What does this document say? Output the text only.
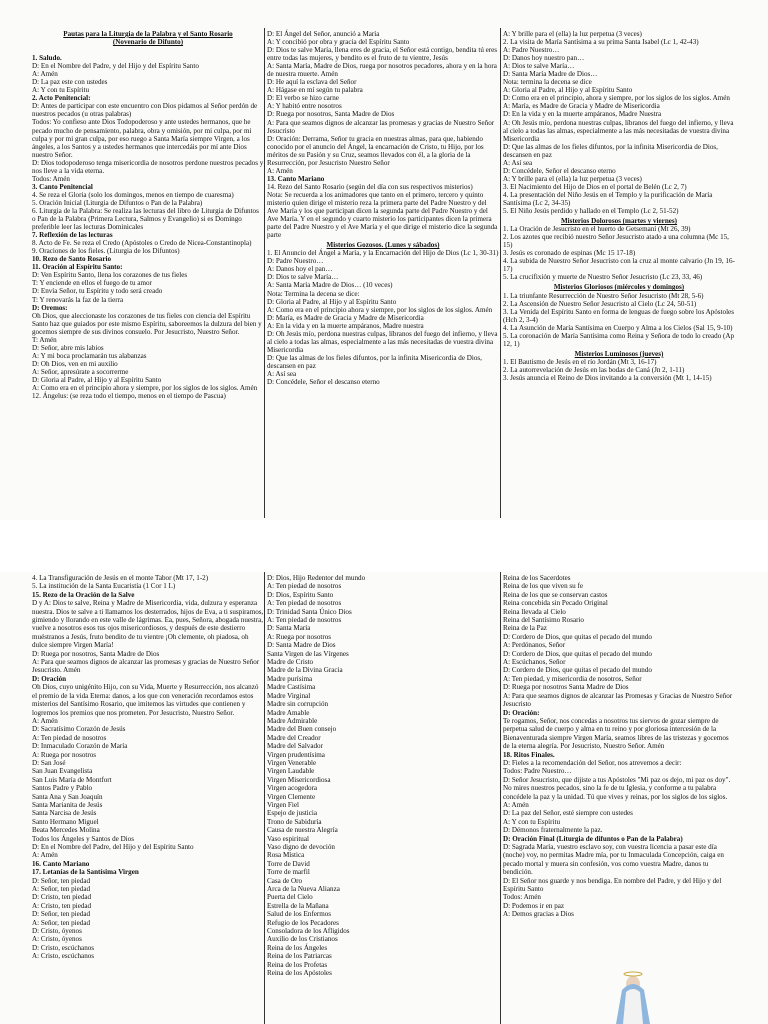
Pautas para la Liturgia de la Palabra y el Santo Rosario
(Novenario de Difunto)
1. Saludo.
D: En el Nombre del Padre, y del Hijo y del Espíritu Santo
A: Amén
D: La paz este con ustedes
A: Y con tu Espíritu
2. Acto Penitencial:
D: Antes de participar con este encuentro con Dios pidamos al Señor perdón de nuestros pecados (u otras palabras)
Todos: Yo confieso ante Dios Todopoderoso y ante ustedes hermanos, que he pecado mucho de pensamiento, palabra, obra y omisión, por mi culpa, por mi culpa y por mi gran culpa, por eso ruego a Santa María siempre Virgen, a los ángeles, a los Santos y a ustedes hermanos que intercedáis por mí ante Dios nuestro Señor.
D: Dios todopoderoso tenga misericordia de nosotros perdone nuestros pecados y nos lleve a la vida eterna.
Todos: Amén
3. Canto Penitencial
4. Se reza el Gloria (solo los domingos, menos en tiempo de cuaresma)
5. Oración Inicial (Liturgia de Difuntos o Pan de la Palabra)
6. Liturgia de la Palabra: Se realiza las lecturas del libro de Liturgia de Difuntos o Pan de la Palabra (Primera Lectura, Salmos y Evangelio) si es Domingo preferible leer las lecturas Dominicales
7. Reflexión de las lecturas
8. Acto de Fe. Se reza el Credo (Apóstoles o Credo de Nicea-Constantinopla)
9. Oraciones de los fieles. (Liturgia de los Difuntos)
10. Rezo de Santo Rosario
11. Oración al Espíritu Santo:
D: Ven Espíritu Santo, llena los corazones de tus fieles
T: Y enciende en ellos el fuego de tu amor
D: Envía Señor, tu Espíritu y todo será creado
T: Y renovarás la faz de la tierra
D: Oremos:
Oh Dios, que aleccionaste los corazones de tus fieles con ciencia del Espíritu Santo haz que guiados por este mismo Espíritu, saboreemos la dulzura del bien y gocemos siempre de sus divinos consuelo. Por Jesucristo, Nuestro Señor.
T: Amén
D: Señor, abre mis labios
A: Y mi boca proclamarán tus alabanzas
D: Oh Dios, ven en mi auxilio
A: Señor, apresúrate a socorrerme
D: Gloria al Padre, al Hijo y al Espíritu Santo
A: Como era en el principio ahora y siempre, por los siglos de los siglos. Amén
12. Ángelus: (se reza todo el tiempo, menos en el tiempo de Pascua)
D: El Ángel del Señor, anunció a María
A: Y concibió por obra y gracia del Espíritu Santo
D: Dios te salve María, llena eres de gracia, el Señor está contigo, bendita tú eres entre todas las mujeres, y bendito es el fruto de tu vientre, Jesús
A: Santa María, Madre de Dios, ruega por nosotros pecadores, ahora y en la hora de nuestra muerte. Amén
D: He aquí la esclava del Señor
A: Hágase en mí según tu palabra
D: El verbo se hizo carne
A: Y habitó entre nosotros
D: Ruega por nosotros, Santa Madre de Dios
A: Para que seamos dignos de alcanzar las promesas y gracias de Nuestro Señor Jesucristo
D: Oración: Derrama, Señor tu gracia en nuestras almas, para que, habiendo conocido por el anuncio del Ángel, la encarnación de Cristo, tu Hijo, por los méritos de su Pasión y su Cruz, seamos llevados con él, a la gloria de la Resurrección, por Jesucristo Nuestro Señor
A: Amén
13. Canto Mariano
14. Rezo del Santo Rosario (según del día con sus respectivos misterios)
Nota: Se recuerda a los animadores que tanto en el primero, tercero y quinto misterio quien dirige el misterio reza la primera parte del Padre Nuestro y del Ave María y los que participan dicen la segunda parte del Padre Nuestro y del Ave María. Y en el segundo y cuarto misterio los participantes dicen la primera parte del Padre Nuestro y el Ave María y el que dirige el misterio dice la segunda parte
Misterios Gozosos. (Lunes y sábados)
1. El Anuncio del Ángel a María, y la Encarnación del Hijo de Dios (Lc 1, 30-31)
D: Padre Nuestro…
A: Danos hoy el pan…
D: Dios te salve María…
A: Santa María Madre de Dios… (10 veces)
Nota: Termina la decena se dice:
D: Gloria al Padre, al Hijo y al Espíritu Santo
A: Como era en el principio ahora y siempre, por los siglos de los siglos. Amén
D: María, es Madre de Gracia y Madre de Misericordia
A: En la vida y en la muerte ampáranos, Madre nuestra
D: Oh Jesús mío, perdona nuestras culpas, líbranos del fuego del infierno, y lleva al cielo a todas las almas, especialmente a las más necesitadas de vuestra divina Misericordia
D: Que las almas de los fieles difuntos, por la infinita Misericordia de Dios, descansen en paz
A: Así sea
D: Concédele, Señor el descanso eterno
A: Y brille para el (ella) la luz perpetua (3 veces)
2. La visita de María Santísima a su prima Santa Isabel (Lc 1, 42-43)
A: Padre Nuestro…
D: Danos hoy nuestro pan…
A: Dios te salve María…
D: Santa María Madre de Dios…
Nota: termina la decena se dice
A: Gloria al Padre, al Hijo y al Espíritu Santo
D: Como era en el principio, ahora y siempre, por los siglos de los siglos. Amén
A: María, es Madre de Gracia y Madre de Misericordia
D: En la vida y en la muerte ampáranos, Madre Nuestra
A: Oh Jesús mío, perdona nuestras culpas, líbranos del fuego del infierno, y lleva al cielo a todas las almas, especialmente a las más necesitadas de vuestra divina Misericordia
D: Que las almas de los fieles difuntos, por la infinita Misericordia de Dios, descansen en paz
A: Así sea
D: Concédele, Señor el descanso eterno
A: Y brille para el (ella) la luz perpetua (3 veces)
3. El Nacimiento del Hijo de Dios en el portal de Belén (Lc 2, 7)
4. La presentación del Niño Jesús en el Templo y la purificación de María Santísima (Lc 2, 34-35)
5. El Niño Jesús perdido y hallado en el Templo (Lc 2, 51-52)
Misterios Dolorosos (martes y viernes)
1. La Oración de Jesucristo en el huerto de Getsemaní (Mt 26, 39)
2. Los azotes que recibió nuestro Señor Jesucristo atado a una columna (Mc 15, 15)
3. Jesús es coronado de espinas (Mc 15 17-18)
4. La subida de Nuestro Señor Jesucristo con la cruz al monte calvario (Jn 19, 16-17)
5. La crucifixión y muerte de Nuestro Señor Jesucristo (Lc 23, 33, 46)
Misterios Gloriosos (miércoles y domingos)
1. La triunfante Resurrección de Nuestro Señor Jesucristo (Mt 28, 5-6)
2. La Ascensión de Nuestro Señor Jesucristo al Cielo (Lc 24, 50-51)
3. La Venida del Espíritu Santo en forma de lenguas de fuego sobre los Apóstoles (Hch 2, 3-4)
4. La Asunción de María Santísima en Cuerpo y Alma a los Cielos (Sal 15, 9-10)
5. La coronación de María Santísima como Reina y Señora de todo lo creado (Ap 12, 1)
Misterios Luminosos (jueves)
1. El Bautismo de Jesús en el río Jordán (Mt 3, 16-17)
2. La autorrevelación de Jesús en las bodas de Caná (Jn 2, 1-11)
3. Jesús anuncia el Reino de Dios invitando a la conversión (Mt 1, 14-15)
4. La Transfiguración de Jesús en el monte Tabor (Mt 17, 1-2)
5. La institución de la Santa Eucaristía (1 Cor 1 L)
15. Rezo de la Oración de la Salve
D y A: Dios te salve, Reina y Madre de Misericordia, vida, dulzura y esperanza nuestra. Dios te salve a ti llamamos los desterrados, hijos de Eva, a ti suspiramos, gimiendo y llorando en este valle de lágrimas. Ea, pues, Señora, abogada nuestra, vuelve a nosotros esos tus ojos misericordiosos, y después de este destierro muéstranos a Jesús, fruto bendito de tu vientre ¡Oh clemente, oh piadosa, oh dulce siempre Virgen María!
D: Ruega por nosotros, Santa Madre de Dios
A: Para que seamos dignos de alcanzar las promesas y gracias de Nuestro Señor Jesucristo. Amén
D: Oración
Oh Dios, cuyo unigénito Hijo, con su Vida, Muerte y Resurrección, nos alcanzó el premio de la vida Eterna: danos, a los que con veneración recordamos estos misterios del Santísimo Rosario, que imitemos las virtudes que contienen y logremos los premios que nos prometen. Por Jesucristo, Nuestro Señor.
A: Amén
D: Sacratísimo Corazón de Jesús
A: Ten piedad de nosotros
D: Inmaculado Corazón de María
A: Ruega por nosotros
D: San José
San Juan Evangelista
San Luis María de Montfort
Santos Padre y Pablo
Santa Ana y San Joaquín
Santa Marianita de Jesús
Santa Narcisa de Jesús
Santo Hermano Miguel
Beata Mercedes Molina
Todos los Ángeles y Santos de Dios
D: En el Nombre del Padre, del Hijo y del Espíritu Santo
A: Amén
16. Canto Mariano
17. Letanías de la Santísima Virgen
D: Señor, ten piedad
A: Señor, ten piedad
D: Cristo, ten piedad
A: Cristo, ten piedad
D: Señor, ten piedad
A: Señor, ten piedad
D: Cristo, óyenos
A: Cristo, óyenos
D: Cristo, escúchanos
A: Cristo, escúchanos
D: Dios, Hijo Redentor del mundo
A: Ten piedad de nosotros
D: Dios, Espíritu Santo
A: Ten piedad de nosotros
D: Trinidad Santa Único Dios
A: Ten piedad de nosotros
D: Santa María
A: Ruega por nosotros
D: Santa Madre de Dios
Santa Virgen de las Vírgenes
Madre de Cristo
Madre de la Divina Gracia
Madre purísima
Madre Castísima
Madre Virginal
Madre sin corrupción
Madre Amable
Madre Admirable
Madre del Buen consejo
Madre del Creador
Madre del Salvador
Virgen prudentísima
Virgen Venerable
Virgen Laudable
Virgen Misericordiosa
Virgen acogedora
Virgen Clemente
Virgen Fiel
Espejo de justicia
Trono de Sabiduría
Causa de nuestra Alegría
Vaso espiritual
Vaso digno de devoción
Rosa Mística
Torre de David
Torre de marfil
Casa de Oro
Arca de la Nueva Alianza
Puerta del Cielo
Estrella de la Mañana
Salud de los Enfermos
Refugio de los Pecadores
Consoladora de los Afligidos
Auxilio de los Cristianos
Reina de los Ángeles
Reina de los Patriarcas
Reina de los Profetas
Reina de los Apóstoles
Reina de los Sacerdotes
Reina de los que viven su fe
Reina de los que se conservan castos
Reina concebida sin Pecado Original
Reina llevada al Cielo
Reina del Santísimo Rosario
Reina de la Paz
D: Cordero de Dios, que quitas el pecado del mundo
A: Perdónanos, Señor
D: Cordero de Dios, que quitas el pecado del mundo
A: Escúchanos, Señor
D: Cordero de Dios, que quitas el pecado del mundo
A: Ten piedad, y misericordia de nosotros, Señor
D: Ruega por nosotros Santa Madre de Dios
A: Para que seamos dignos de alcanzar las Promesas y Gracias de Nuestro Señor Jesucristo
D: Oración:
Te rogamos, Señor, nos concedas a nosotros tus siervos de gozar siempre de perpetua salud de cuerpo y alma en tu reino y por gloriosa intercesión de la Bienaventurada siempre Virgen María, seamos libres de las tristezas y gocemos de la eterna alegría. Por Jesucristo, Nuestro Señor. Amén
18. Ritos Finales.
D: Fieles a la recomendación del Señor, nos atrevemos a decir:
Todos: Padre Nuestro…
D: Señor Jesucristo, que dijiste a tus Apóstoles "Mi paz os dejo, mi paz os doy". No mires nuestros pecados, sino la fe de tu Iglesia, y conforme a tu palabra concédele la paz y la unidad. Tú que vives y reinas, por los siglos de los siglos.
A: Amén
D: La paz del Señor, esté siempre con ustedes
A: Y con tu Espíritu
D: Démonos fraternalmente la paz.
D: Oración Final (Liturgia de difuntos o Pan de la Palabra)
D: Sagrada María, vuestro esclavo soy, con vuestra licencia a pasar este día (noche) voy, no permitas Madre mía, por tu Inmaculada Concepción, caiga en pecado mortal y muera sin confesión, vos como vuestra Madre, danos tu bendición.
D: El Señor nos guarde y nos bendiga. En nombre del Padre, y del Hijo y del Espíritu Santo
Todos: Amén
D: Podemos ir en paz
A: Demos gracias a Dios
